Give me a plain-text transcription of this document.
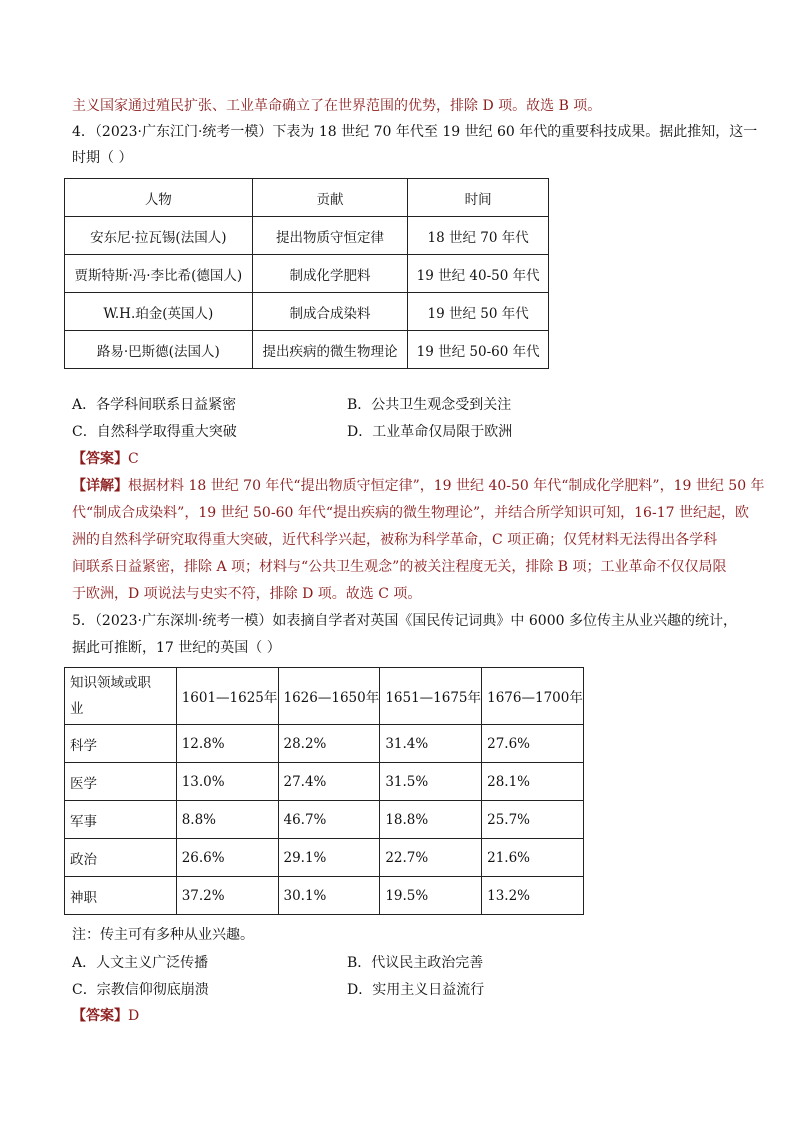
主义国家通过殖民扩张、工业革命确立了在世界范围的优势，排除 D 项。故选 B 项。
4．（2023·广东江门·统考一模）下表为 18 世纪 70 年代至 19 世纪 60 年代的重要科技成果。据此推知，这一
时期（ ）
人物	贡献	时间
安东尼·拉瓦锡(法国人)	提出物质守恒定律	18 世纪 70 年代
贾斯特斯·冯·李比希(德国人)	制成化学肥料	19 世纪 40-50 年代
W.H.珀金(英国人)	制成合成染料	19 世纪 50 年代
路易·巴斯德(法国人)	提出疾病的微生物理论	19 世纪 50-60 年代
A．各学科间联系日益紧密	B．公共卫生观念受到关注
C．自然科学取得重大突破	D．工业革命仅局限于欧洲
【答案】C
【详解】根据材料 18 世纪 70 年代“提出物质守恒定律”，19 世纪 40-50 年代“制成化学肥料”，19 世纪 50 年
代“制成合成染料”，19 世纪 50-60 年代“提出疾病的微生物理论”，并结合所学知识可知，16-17 世纪起，欧
洲的自然科学研究取得重大突破，近代科学兴起，被称为科学革命，C 项正确；仅凭材料无法得出各学科
间联系日益紧密，排除 A 项；材料与“公共卫生观念”的被关注程度无关，排除 B 项；工业革命不仅仅局限
于欧洲，D 项说法与史实不符，排除 D 项。故选 C 项。
5．（2023·广东深圳·统考一模）如表摘自学者对英国《国民传记词典》中 6000 多位传主从业兴趣的统计，
据此可推断，17 世纪的英国（ ）
知识领域或职
业	1601—1625年	1626—1650年	1651—1675年	1676—1700年
科学	12.8%	28.2%	31.4%	27.6%
医学	13.0%	27.4%	31.5%	28.1%
军事	8.8%	46.7%	18.8%	25.7%
政治	26.6%	29.1%	22.7%	21.6%
神职	37.2%	30.1%	19.5%	13.2%
注：传主可有多种从业兴趣。
A．人文主义广泛传播	B．代议民主政治完善
C．宗教信仰彻底崩溃	D．实用主义日益流行
【答案】D
